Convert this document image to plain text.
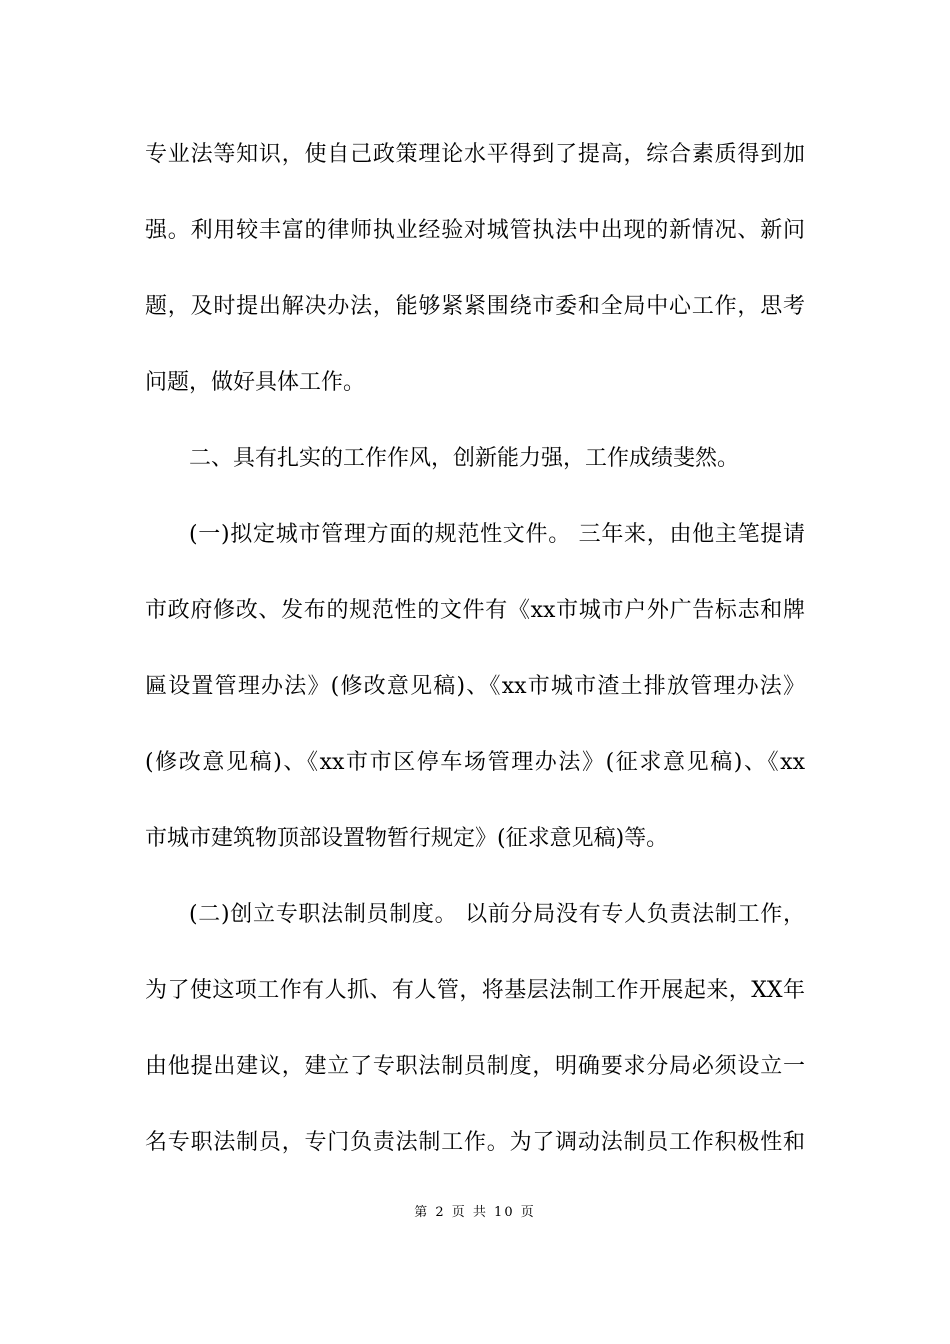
专业法等知识，使自己政策理论水平得到了提高，综合素质得到加
强。利用较丰富的律师执业经验对城管执法中出现的新情况、新问
题，及时提出解决办法，能够紧紧围绕市委和全局中心工作，思考
问题，做好具体工作。
二、具有扎实的工作作风，创新能力强，工作成绩斐然。
(一)拟定城市管理方面的规范性文件。 三年来，由他主笔提请
市政府修改、发布的规范性的文件有《xx市城市户外广告标志和牌
匾设置管理办法》(修改意见稿)、《xx市城市渣土排放管理办法》
(修改意见稿)、《xx市市区停车场管理办法》(征求意见稿)、《xx
市城市建筑物顶部设置物暂行规定》(征求意见稿)等。
(二)创立专职法制员制度。 以前分局没有专人负责法制工作，
为了使这项工作有人抓、有人管，将基层法制工作开展起来，XX年
由他提出建议，建立了专职法制员制度，明确要求分局必须设立一
名专职法制员，专门负责法制工作。为了调动法制员工作积极性和
第 2 页 共 10 页
